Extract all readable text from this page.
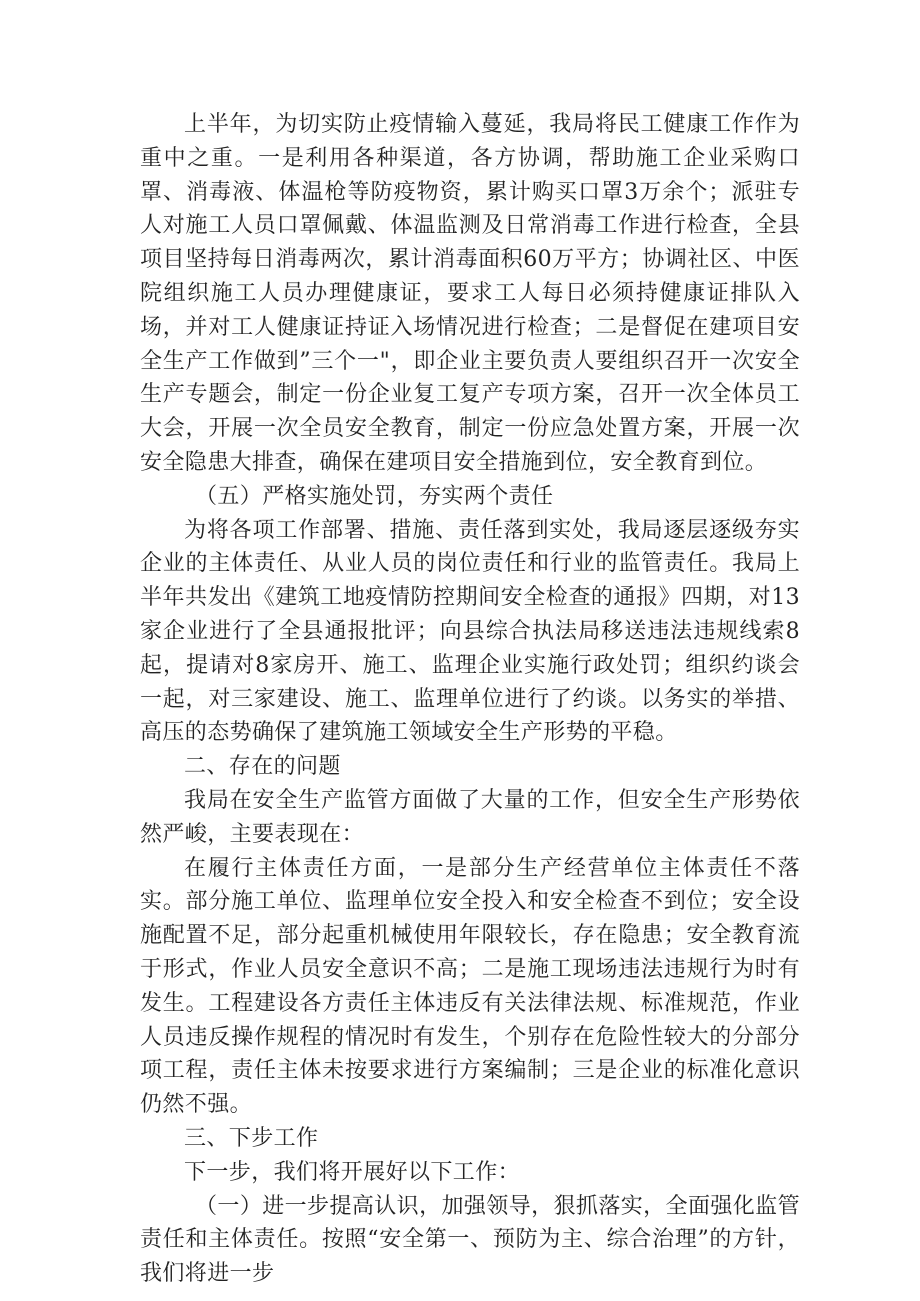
上半年，为切实防止疫情输入蔓延，我局将民工健康工作作为重中之重。一是利用各种渠道，各方协调，帮助施工企业采购口罩、消毒液、体温枪等防疫物资，累计购买口罩3万余个；派驻专人对施工人员口罩佩戴、体温监测及日常消毒工作进行检查，全县项目坚持每日消毒两次，累计消毒面积60万平方；协调社区、中医院组织施工人员办理健康证，要求工人每日必须持健康证排队入场，并对工人健康证持证入场情况进行检查；二是督促在建项目安全生产工作做到”三个一"，即企业主要负责人要组织召开一次安全生产专题会，制定一份企业复工复产专项方案，召开一次全体员工大会，开展一次全员安全教育，制定一份应急处置方案，开展一次安全隐患大排查，确保在建项目安全措施到位，安全教育到位。

（五）严格实施处罚，夯实两个责任

为将各项工作部署、措施、责任落到实处，我局逐层逐级夯实企业的主体责任、从业人员的岗位责任和行业的监管责任。我局上半年共发出《建筑工地疫情防控期间安全检查的通报》四期，对13家企业进行了全县通报批评；向县综合执法局移送违法违规线索8起，提请对8家房开、施工、监理企业实施行政处罚；组织约谈会一起，对三家建设、施工、监理单位进行了约谈。以务实的举措、高压的态势确保了建筑施工领域安全生产形势的平稳。

二、存在的问题

我局在安全生产监管方面做了大量的工作，但安全生产形势依然严峻，主要表现在：

在履行主体责任方面，一是部分生产经营单位主体责任不落实。部分施工单位、监理单位安全投入和安全检查不到位；安全设施配置不足，部分起重机械使用年限较长，存在隐患；安全教育流于形式，作业人员安全意识不高；二是施工现场违法违规行为时有发生。工程建设各方责任主体违反有关法律法规、标准规范，作业人员违反操作规程的情况时有发生，个别存在危险性较大的分部分项工程，责任主体未按要求进行方案编制；三是企业的标准化意识仍然不强。

三、下步工作

下一步，我们将开展好以下工作：

（一）进一步提高认识，加强领导，狠抓落实，全面强化监管责任和主体责任。按照“安全第一、预防为主、综合治理”的方针，我们将进一步
